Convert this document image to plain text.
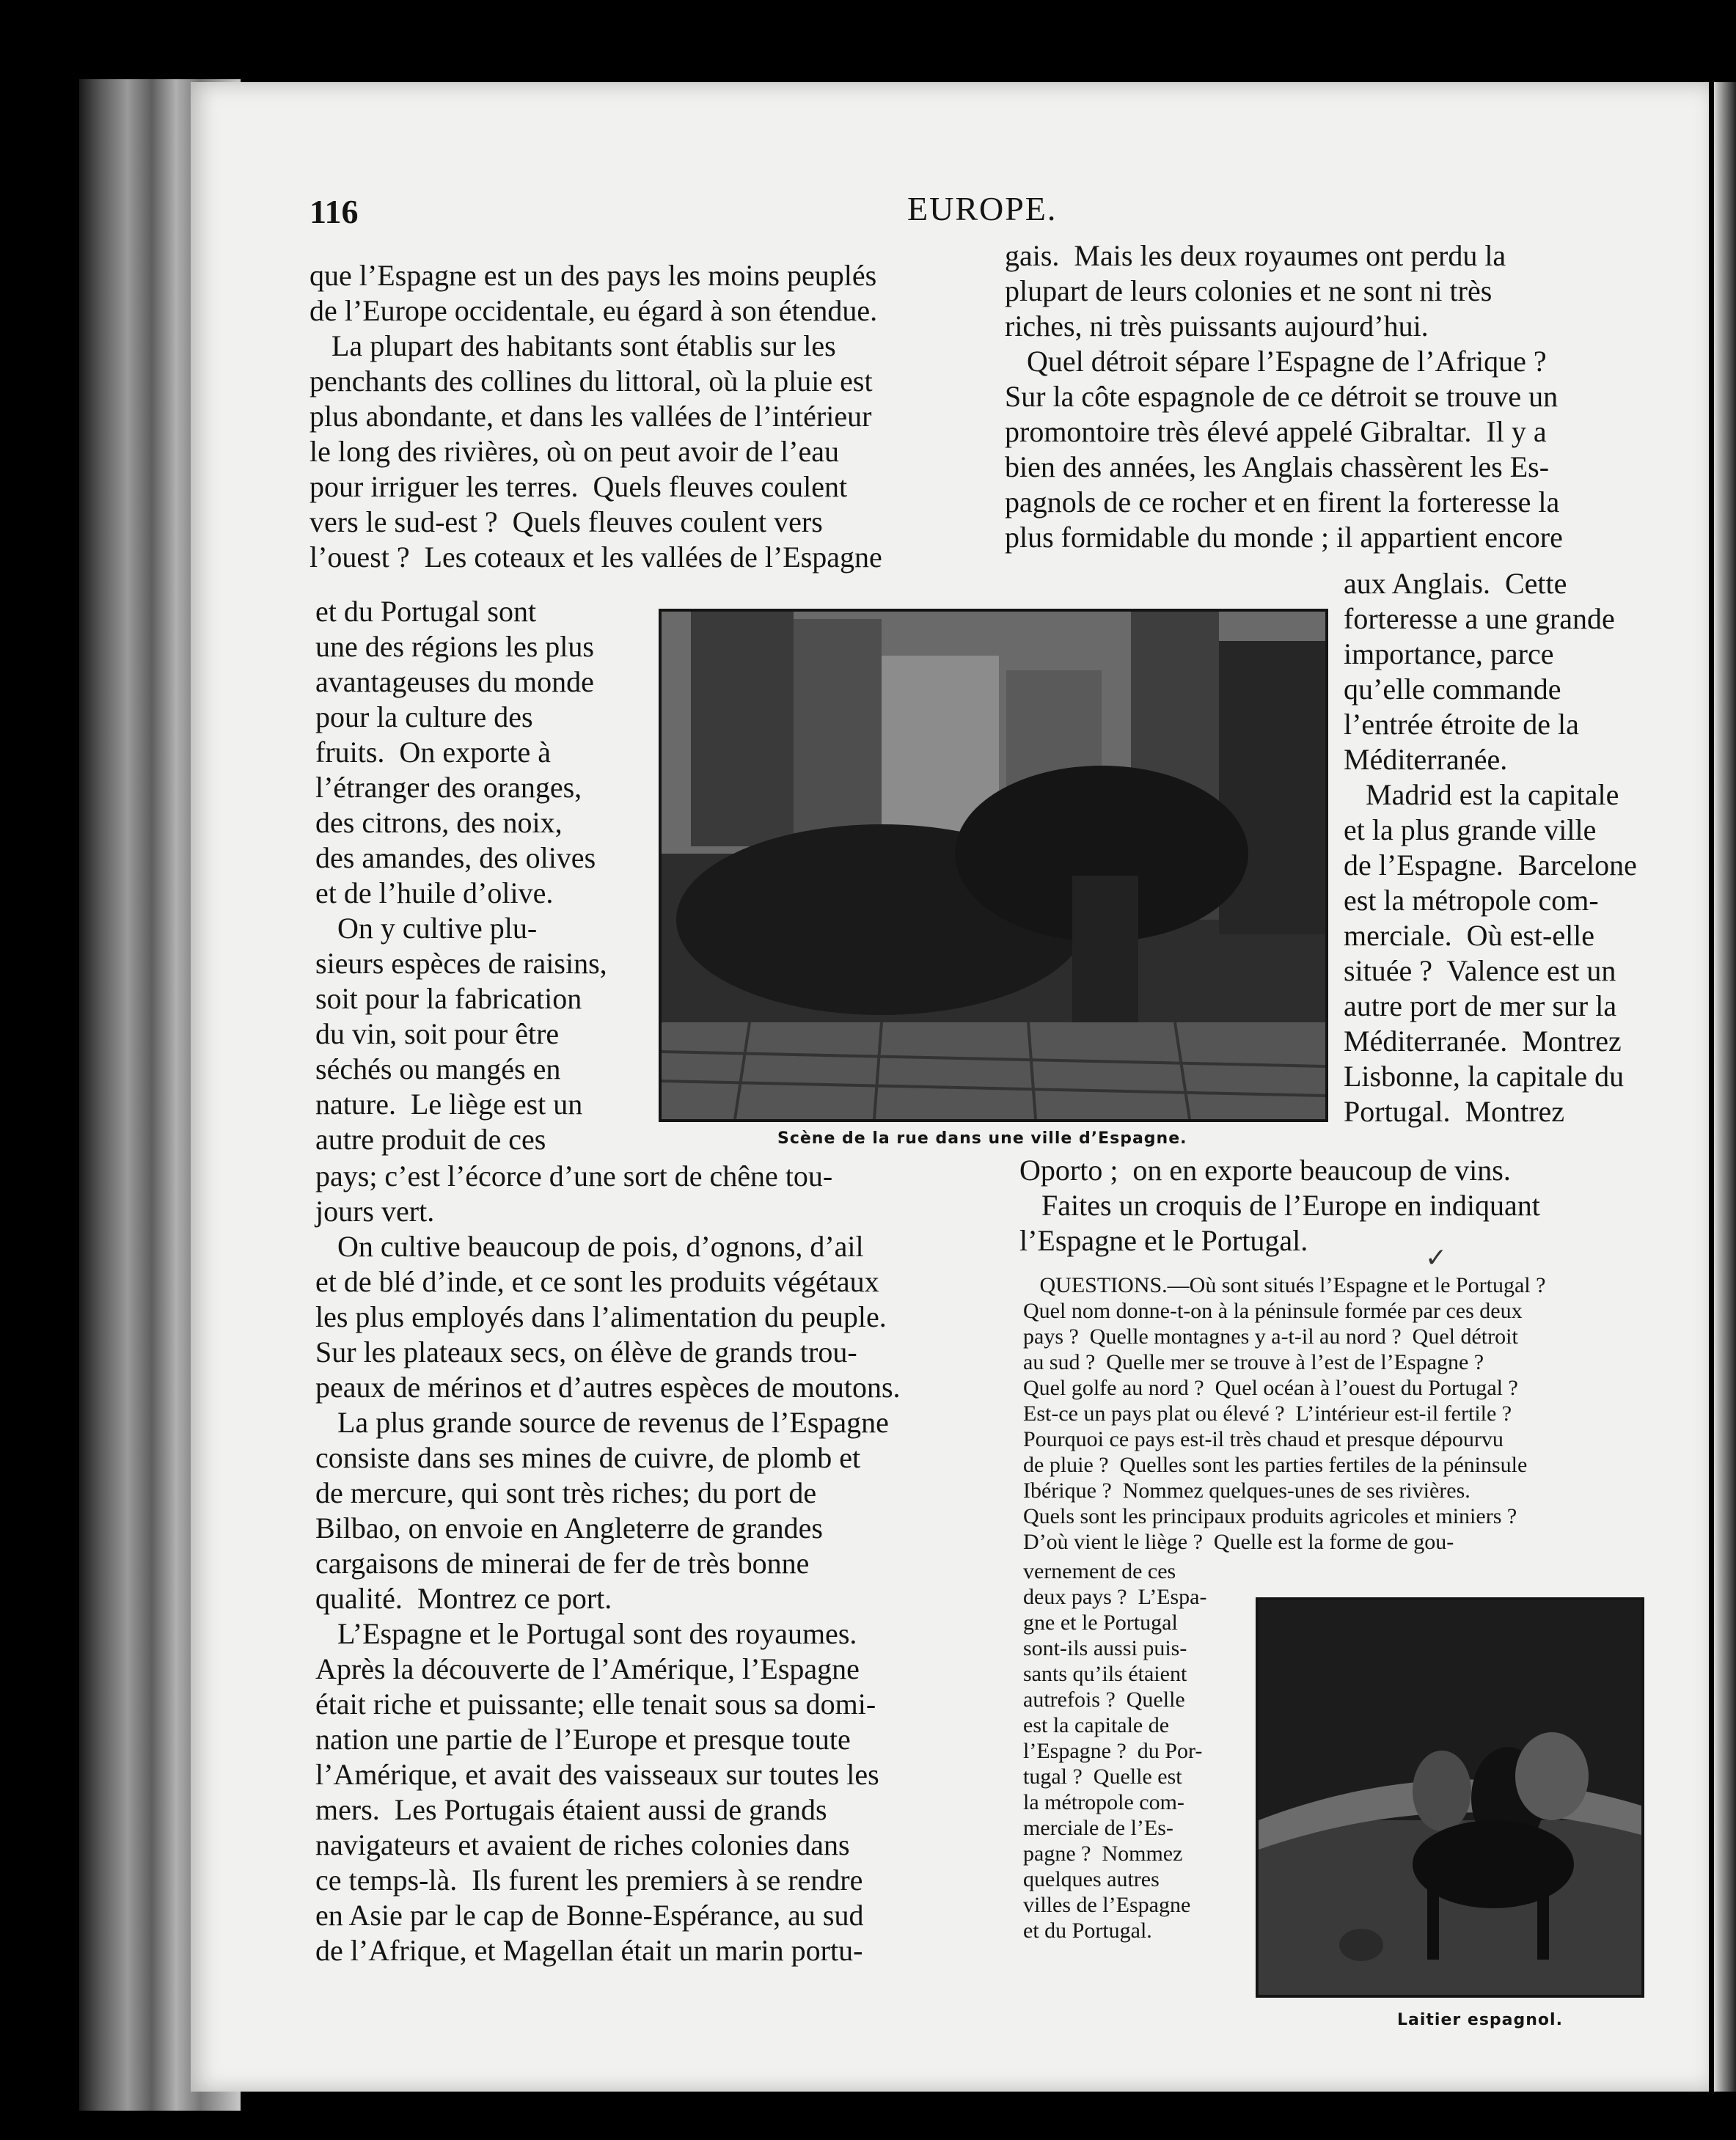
116	EUROPE.
que l’Espagne est un des pays les moins peuplés
de l’Europe occidentale, eu égard à son étendue.
La plupart des habitants sont établis sur les
penchants des collines du littoral, où la pluie est
plus abondante, et dans les vallées de l’intérieur
le long des rivières, où on peut avoir de l’eau
pour irriguer les terres.  Quels fleuves coulent
vers le sud-est ?  Quels fleuves coulent vers
l’ouest ?  Les coteaux et les vallées de l’Espagne
et du Portugal sont
une des régions les plus
avantageuses du monde
pour la culture des
fruits.  On exporte à
l’étranger des oranges,
des citrons, des noix,
des amandes, des olives
et de l’huile d’olive.
On y cultive plu-
sieurs espèces de raisins,
soit pour la fabrication
du vin, soit pour être
séchés ou mangés en
nature.  Le liège est un
autre produit de ces
pays; c’est l’écorce d’une sort de chêne tou-
jours vert.
On cultive beaucoup de pois, d’ognons, d’ail
et de blé d’inde, et ce sont les produits végétaux
les plus employés dans l’alimentation du peuple.
Sur les plateaux secs, on élève de grands trou-
peaux de mérinos et d’autres espèces de moutons.
La plus grande source de revenus de l’Espagne
consiste dans ses mines de cuivre, de plomb et
de mercure, qui sont très riches; du port de
Bilbao, on envoie en Angleterre de grandes
cargaisons de minerai de fer de très bonne
qualité.  Montrez ce port.
L’Espagne et le Portugal sont des royaumes.
Après la découverte de l’Amérique, l’Espagne
était riche et puissante; elle tenait sous sa domi-
nation une partie de l’Europe et presque toute
l’Amérique, et avait des vaisseaux sur toutes les
mers.  Les Portugais étaient aussi de grands
navigateurs et avaient de riches colonies dans
ce temps-là.  Ils furent les premiers à se rendre
en Asie par le cap de Bonne-Espérance, au sud
de l’Afrique, et Magellan était un marin portu-
Scène de la rue dans une ville d’Espagne.
gais.  Mais les deux royaumes ont perdu la
plupart de leurs colonies et ne sont ni très
riches, ni très puissants aujourd’hui.
Quel détroit sépare l’Espagne de l’Afrique ?
Sur la côte espagnole de ce détroit se trouve un
promontoire très élevé appelé Gibraltar.  Il y a
bien des années, les Anglais chassèrent les Es-
pagnols de ce rocher et en firent la forteresse la
plus formidable du monde ; il appartient encore
aux Anglais.  Cette
forteresse a une grande
importance, parce
qu’elle commande
l’entrée étroite de la
Méditerranée.
Madrid est la capitale
et la plus grande ville
de l’Espagne.  Barcelone
est la métropole com-
merciale.  Où est-elle
située ?  Valence est un
autre port de mer sur la
Méditerranée.  Montrez
Lisbonne, la capitale du
Portugal.  Montrez
Oporto ;  on en exporte beaucoup de vins.
Faites un croquis de l’Europe en indiquant
l’Espagne et le Portugal.
✓
QUESTIONS.—Où sont situés l’Espagne et le Portugal ?
Quel nom donne-t-on à la péninsule formée par ces deux
pays ?  Quelle montagnes y a-t-il au nord ?  Quel détroit
au sud ?  Quelle mer se trouve à l’est de l’Espagne ?
Quel golfe au nord ?  Quel océan à l’ouest du Portugal ?
Est-ce un pays plat ou élevé ?  L’intérieur est-il fertile ?
Pourquoi ce pays est-il très chaud et presque dépourvu
de pluie ?  Quelles sont les parties fertiles de la péninsule
Ibérique ?  Nommez quelques-unes de ses rivières.
Quels sont les principaux produits agricoles et miniers ?
D’où vient le liège ?  Quelle est la forme de gou-
vernement de ces
deux pays ?  L’Espa-
gne et le Portugal
sont-ils aussi puis-
sants qu’ils étaient
autrefois ?  Quelle
est la capitale de
l’Espagne ?  du Por-
tugal ?  Quelle est
la métropole com-
merciale de l’Es-
pagne ?  Nommez
quelques autres
villes de l’Espagne
et du Portugal.
Laitier espagnol.
